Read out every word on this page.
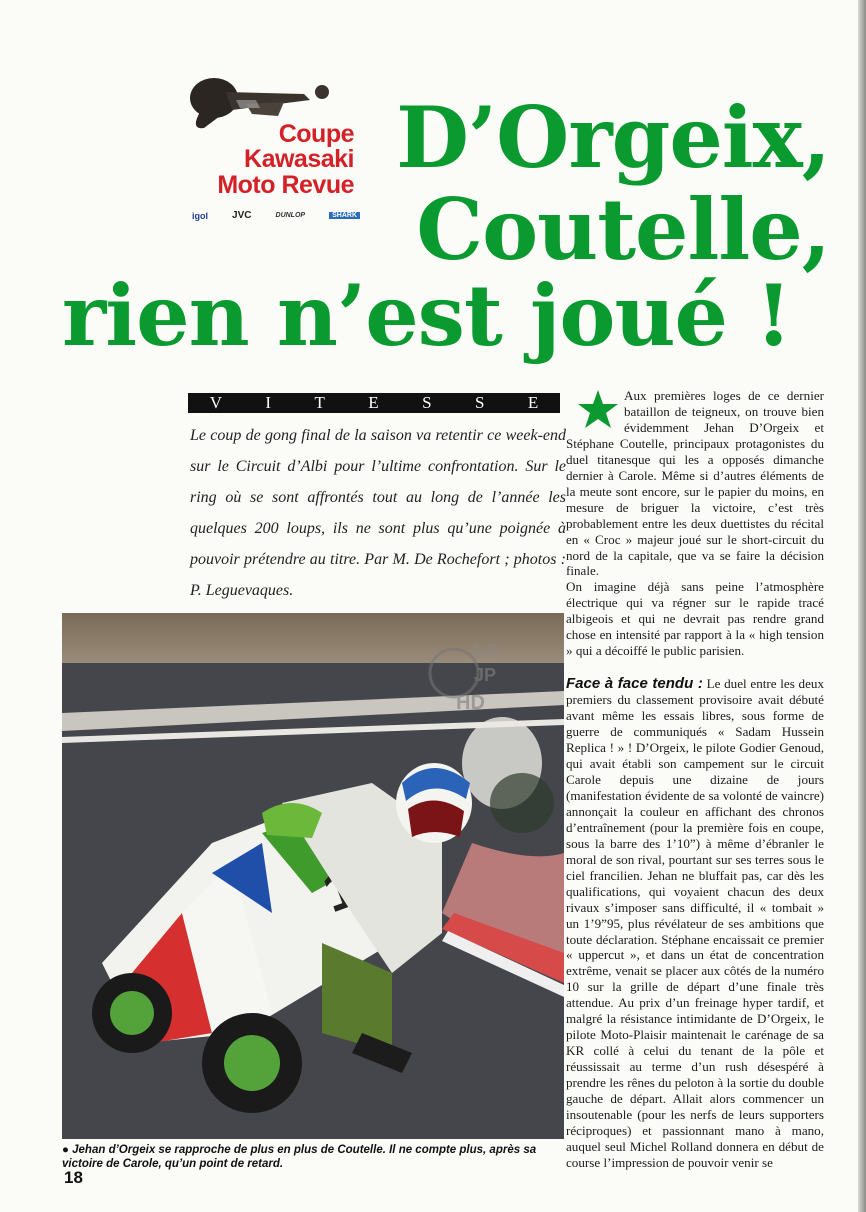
Coupe
Kawasaki
Moto Revue
igol JVC	DUNLOP	SHARK
D’Orgeix,
Coutelle,
rien n’est joué !
V	I	T	E	S	S	E
Le coup de gong final de la saison va retentir ce week-end sur le Circuit d’Albi pour l’ultime confrontation. Sur le ring où se sont affrontés tout au long de l’année les quelques 200 loups, ils ne sont plus qu’une poignée à pouvoir prétendre au titre. Par M. De Rochefort ; photos : P. Leguevaques.
LG
JP
HD
● Jehan d’Orgeix se rapproche de plus en plus de Coutelle. Il ne compte plus, après sa victoire de Carole, qu’un point de retard.
18

Aux premières loges de ce dernier bataillon de teigneux, on trouve bien évidemment Jehan D’Orgeix et Stéphane Coutelle, principaux protagonistes du duel titanesque qui les a opposés dimanche dernier à Carole. Même si d’autres éléments de la meute sont encore, sur le papier du moins, en mesure de briguer la victoire, c’est très probablement entre les deux duettistes du récital en « Croc » majeur joué sur le short-circuit du nord de la capitale, que va se faire la décision finale.

On imagine déjà sans peine l’atmosphère électrique qui va régner sur le rapide tracé albigeois et qui ne devrait pas rendre grand chose en intensité par rapport à la « high tension » qui a décoiffé le public parisien.

Face à face tendu : Le duel entre les deux premiers du classement provisoire avait débuté avant même les essais libres, sous forme de guerre de communiqués « Sadam Hussein Replica ! » ! D’Orgeix, le pilote Godier Genoud, qui avait établi son campement sur le circuit Carole depuis une dizaine de jours (manifestation évidente de sa volonté de vaincre) annonçait la couleur en affichant des chronos d’entraînement (pour la première fois en coupe, sous la barre des 1’10”) à même d’ébranler le moral de son rival, pourtant sur ses terres sous le ciel francilien. Jehan ne bluffait pas, car dès les qualifications, qui voyaient chacun des deux rivaux s’imposer sans difficulté, il « tombait » un 1’9”95, plus révélateur de ses ambitions que toute déclaration. Stéphane encaissait ce premier « uppercut », et dans un état de concentration extrême, venait se placer aux côtés de la numéro 10 sur la grille de départ d’une finale très attendue. Au prix d’un freinage hyper tardif, et malgré la résistance intimidante de D’Orgeix, le pilote Moto-Plaisir maintenait le carénage de sa KR collé à celui du tenant de la pôle et réussissait au terme d’un rush désespéré à prendre les rênes du peloton à la sortie du double gauche de départ. Allait alors commencer un insoutenable (pour les nerfs de leurs supporters réciproques) et passionnant mano à mano, auquel seul Michel Rolland donnera en début de course l’impression de pouvoir venir se
